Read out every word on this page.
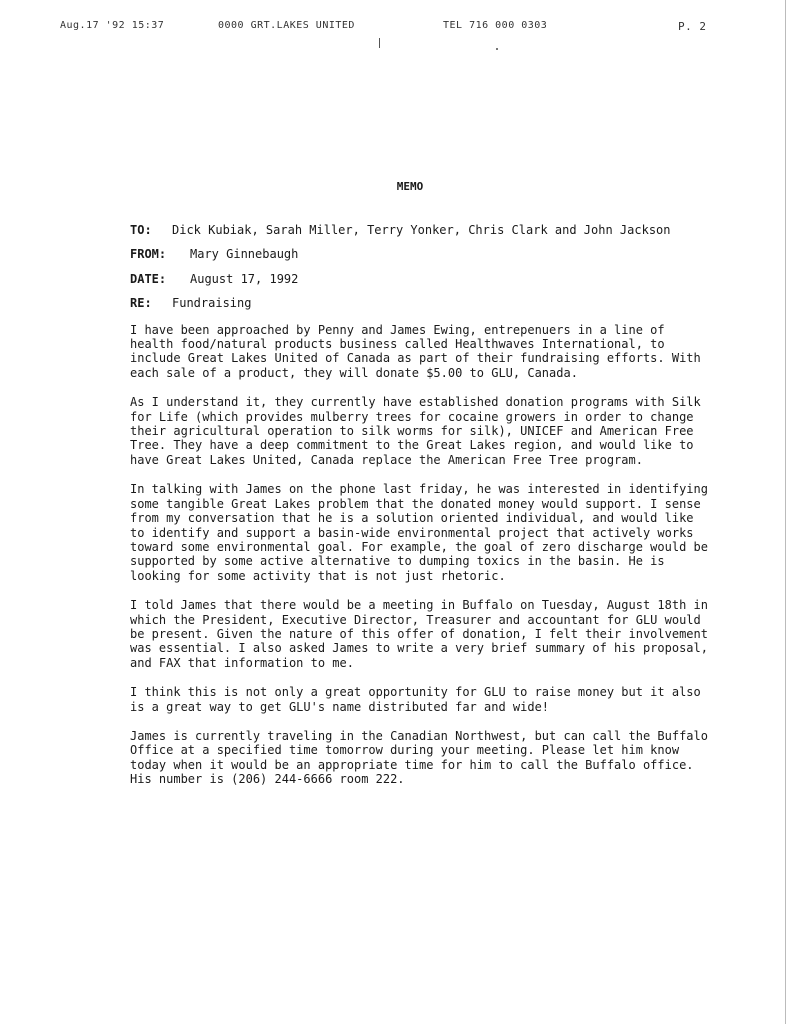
Aug.17 '92 15:37	0000 GRT.LAKES UNITED	TEL 716 000 0303	P. 2
MEMO
TO:	Dick Kubiak, Sarah Miller, Terry Yonker, Chris Clark and John Jackson
FROM:	Mary Ginnebaugh
DATE:	August 17, 1992
RE:	Fundraising

I have been approached by Penny and James Ewing, entrepenuers in a line of health food/natural products business called Healthwaves International, to include Great Lakes United of Canada as part of their fundraising efforts. With each sale of a product, they will donate $5.00 to GLU, Canada.

As I understand it, they currently have established donation programs with Silk for Life (which provides mulberry trees for cocaine growers in order to change their agricultural operation to silk worms for silk), UNICEF and American Free Tree. They have a deep commitment to the Great Lakes region, and would like to have Great Lakes United, Canada replace the American Free Tree program.

In talking with James on the phone last friday, he was interested in identifying some tangible Great Lakes problem that the donated money would support. I sense from my conversation that he is a solution oriented individual, and would like to identify and support a basin-wide environmental project that actively works toward some environmental goal. For example, the goal of zero discharge would be supported by some active alternative to dumping toxics in the basin. He is looking for some activity that is not just rhetoric.

I told James that there would be a meeting in Buffalo on Tuesday, August 18th in which the President, Executive Director, Treasurer and accountant for GLU would be present. Given the nature of this offer of donation, I felt their involvement was essential. I also asked James to write a very brief summary of his proposal, and FAX that information to me.

I think this is not only a great opportunity for GLU to raise money but it also is a great way to get GLU's name distributed far and wide!

James is currently traveling in the Canadian Northwest, but can call the Buffalo Office at a specified time tomorrow during your meeting. Please let him know today when it would be an appropriate time for him to call the Buffalo office. His number is (206) 244-6666 room 222.
